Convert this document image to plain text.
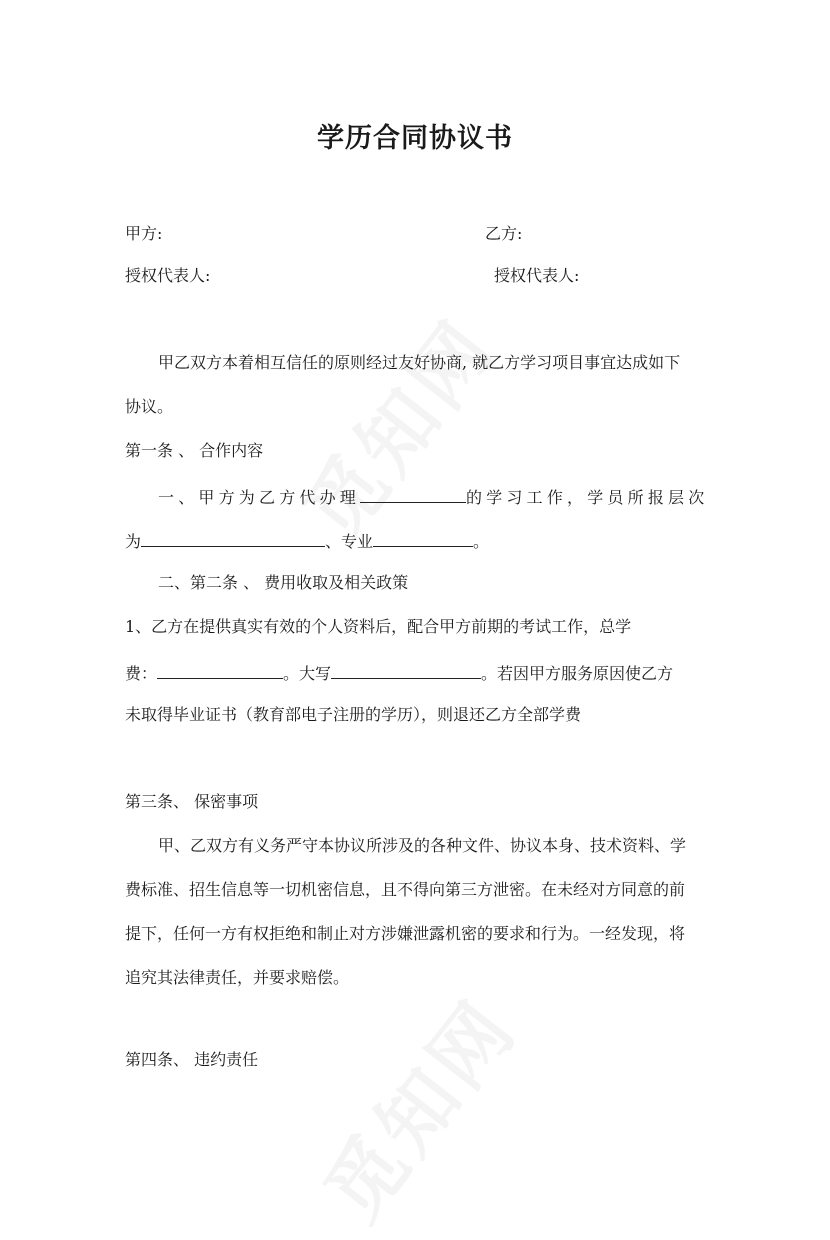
学历合同协议书
甲方:	乙方:
授权代表人:	授权代表人:
甲乙双方本着相互信任的原则经过友好协商, 就乙方学习项目事宜达成如下
协议。
第一条 、 合作内容
一、甲方为乙方代办理	的学习工作，学员所报层次
为	、专业	。
二、第二条 、 费用收取及相关政策
1、乙方在提供真实有效的个人资料后，配合甲方前期的考试工作，总学
费：	。大写	。若因甲方服务原因使乙方
未取得毕业证书（教育部电子注册的学历），则退还乙方全部学费
第三条、 保密事项
甲、乙双方有义务严守本协议所涉及的各种文件、协议本身、技术资料、学
费标准、招生信息等一切机密信息，且不得向第三方泄密。在未经对方同意的前
提下，任何一方有权拒绝和制止对方涉嫌泄露机密的要求和行为。一经发现，将
追究其法律责任，并要求赔偿。
第四条、 违约责任
